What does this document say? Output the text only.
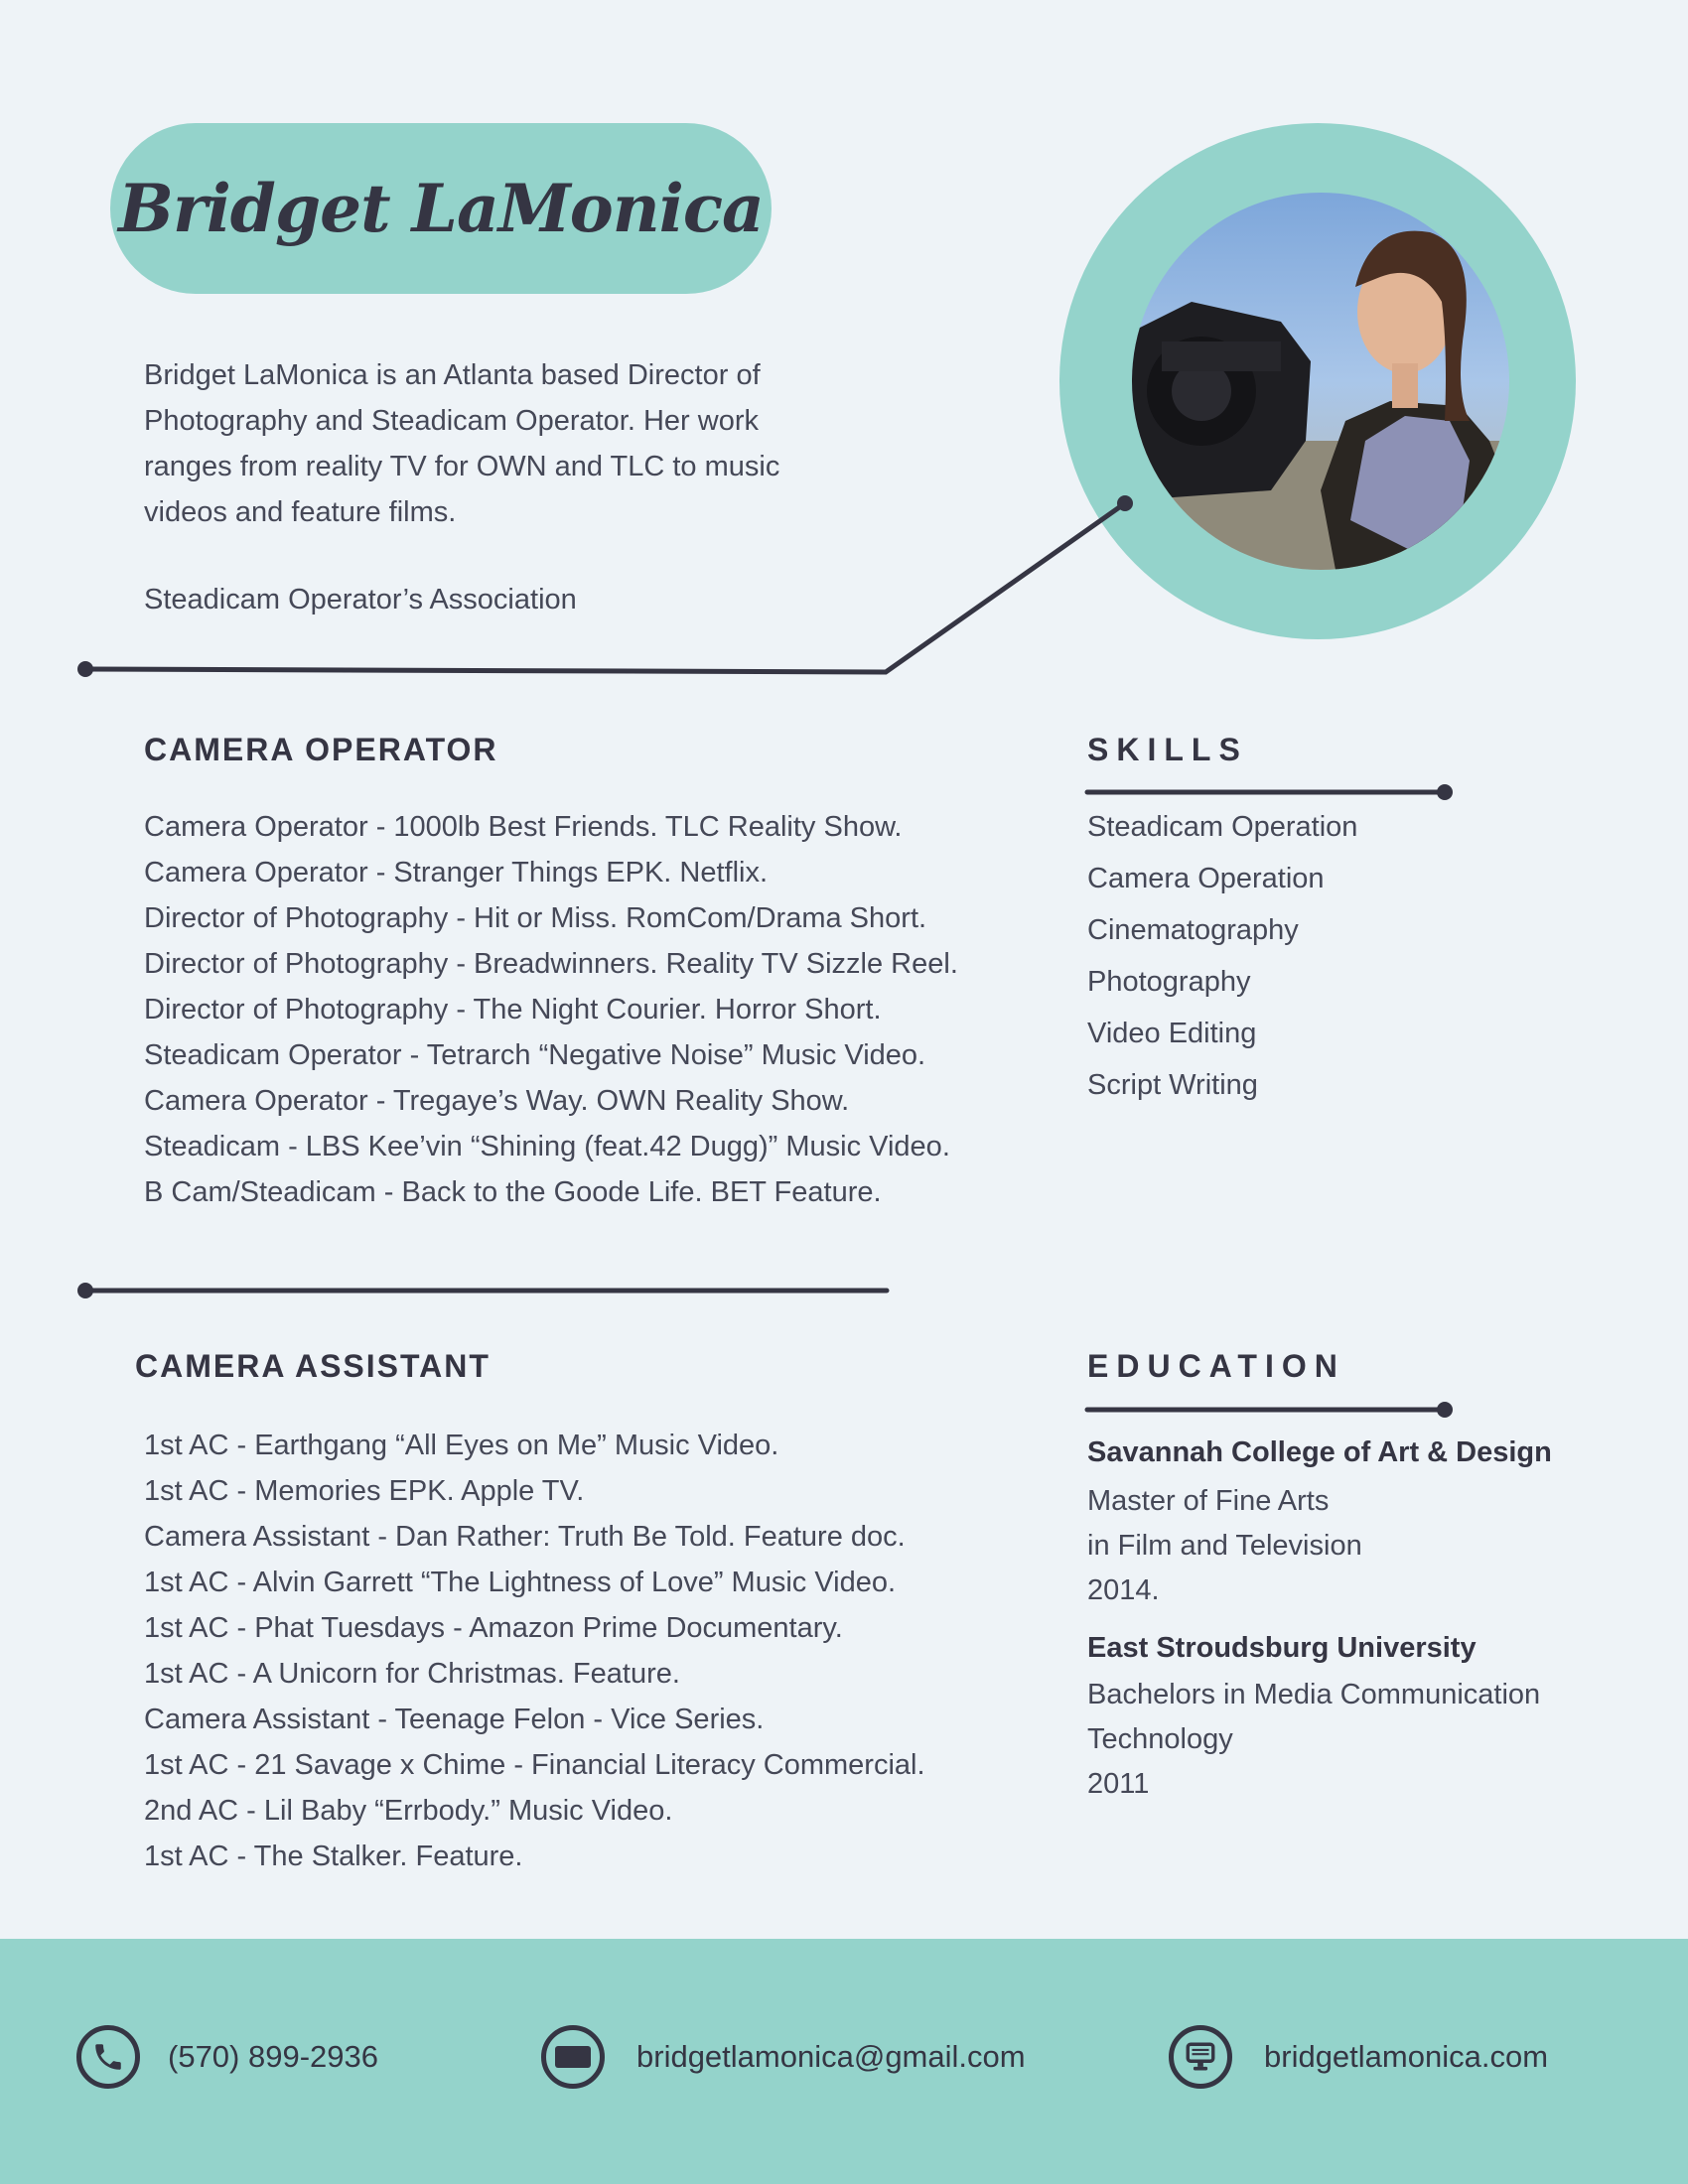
Bridget LaMonica
Bridget LaMonica is an Atlanta based Director of
Photography and Steadicam Operator. Her work
ranges from reality TV for OWN and TLC to music
videos and feature films.
Steadicam Operator’s Association
CAMERA OPERATOR
Camera Operator - 1000lb Best Friends. TLC Reality Show.
Camera Operator - Stranger Things EPK. Netflix.
Director of Photography - Hit or Miss. RomCom/Drama Short.
Director of Photography - Breadwinners. Reality TV Sizzle Reel.
Director of Photography - The Night Courier. Horror Short.
Steadicam Operator - Tetrarch “Negative Noise” Music Video.
Camera Operator - Tregaye’s Way. OWN Reality Show.
Steadicam - LBS Kee’vin “Shining (feat.42 Dugg)” Music Video.
B Cam/Steadicam - Back to the Goode Life. BET Feature.
SKILLS
Steadicam Operation
Camera Operation
Cinematography
Photography
Video Editing
Script Writing
CAMERA ASSISTANT
1st AC - Earthgang “All Eyes on Me” Music Video.
1st AC - Memories EPK. Apple TV.
Camera Assistant - Dan Rather: Truth Be Told. Feature doc.
1st AC - Alvin Garrett “The Lightness of Love” Music Video.
1st AC - Phat Tuesdays - Amazon Prime Documentary.
1st AC - A Unicorn for Christmas. Feature.
Camera Assistant - Teenage Felon - Vice Series.
1st AC - 21 Savage x Chime - Financial Literacy Commercial.
2nd AC - Lil Baby “Errbody.” Music Video.
1st AC - The Stalker. Feature.
EDUCATION
Savannah College of Art & Design
Master of Fine Arts
in Film and Television
2014.
East Stroudsburg University
Bachelors in Media Communication
Technology
2011
(570) 899-2936	bridgetlamonica@gmail.com	bridgetlamonica.com
